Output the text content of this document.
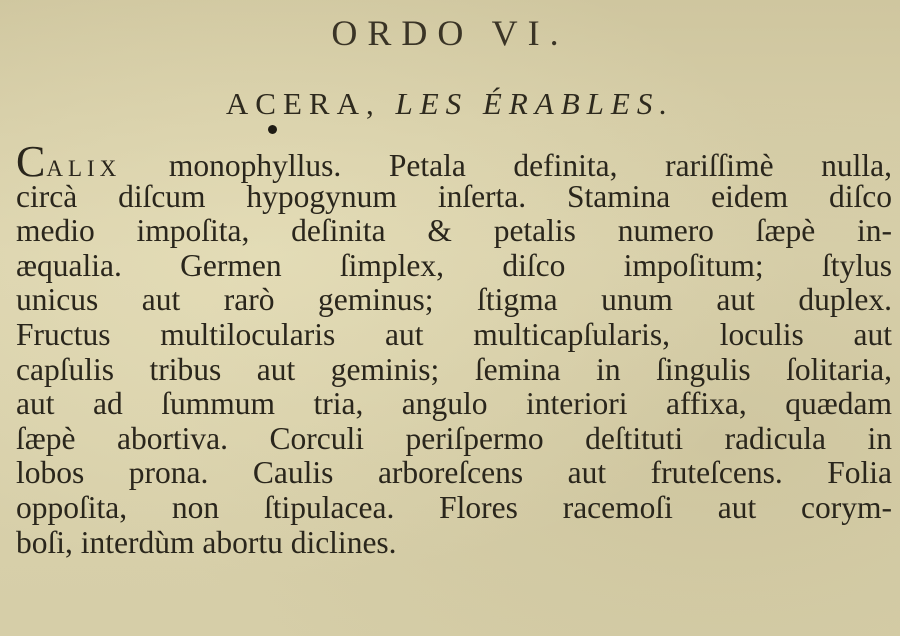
ORDO VI.
ACERA, LES ÉRABLES.
CALIX monophyllus. Petala definita, rariſſimè nulla,
circà diſcum hypogynum inſerta. Stamina eidem diſco
medio impoſita, deſinita & petalis numero ſæpè in-
æqualia. Germen ſimplex, diſco impoſitum; ſtylus
unicus aut rarò geminus; ſtigma unum aut duplex.
Fructus multilocularis aut multicapſularis, loculis aut
capſulis tribus aut geminis; ſemina in ſingulis ſolitaria,
aut ad ſummum tria, angulo interiori affixa, quædam
ſæpè abortiva. Corculi periſpermo deſtituti radicula in
lobos prona. Caulis arboreſcens aut fruteſcens. Folia
oppoſita, non ſtipulacea. Flores racemoſi aut corym-
boſi, interdùm abortu diclines.
